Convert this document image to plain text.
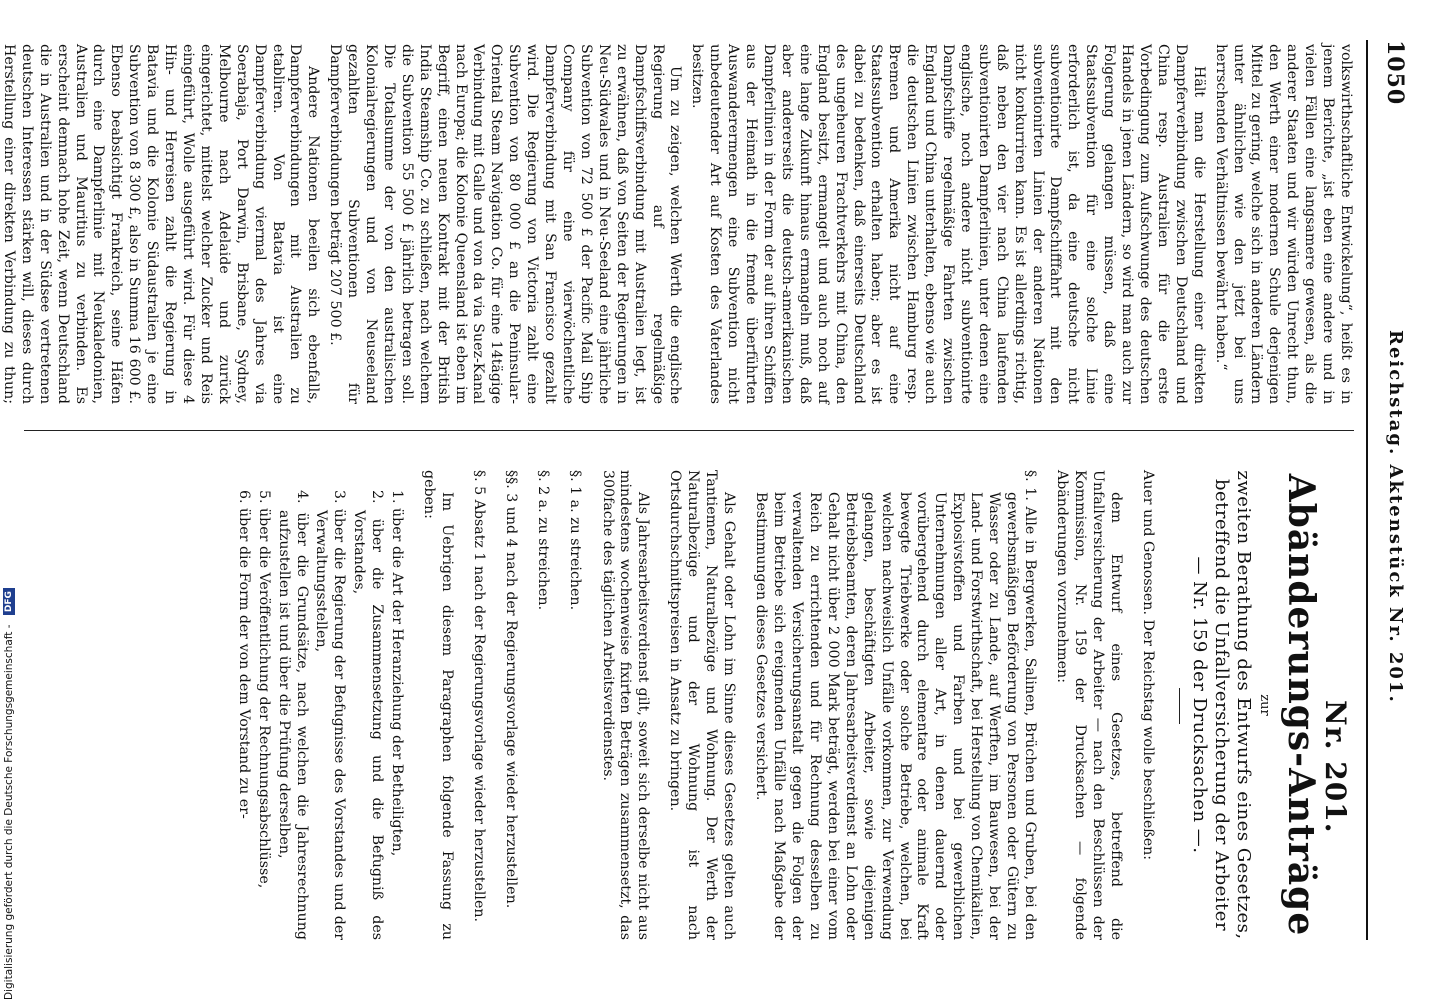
1050
Reichstag. Aktenstück Nr. 201.

volkswirthschaftliche Entwickelung“, heißt es in jenem Berichte, „ist eben eine andere und in vielen Fällen eine langsamere gewesen, als die anderer Staaten und wir würden Unrecht thun, den Werth einer modernen Schule derjenigen Mittel zu gering, welche sich in anderen Ländern unter ähnlichen wie den jetzt bei uns herrschenden Verhältnissen bewährt haben.“

Hält man die Herstellung einer direkten Dampferverbindung zwischen Deutschland und China resp. Australien für die erste Vorbedingung zum Aufschwunge des deutschen Handels in jenen Ländern, so wird man auch zur Folgerung gelangen müssen, daß eine Staatssubvention für eine solche Linie erforderlich ist, da eine deutsche nicht subventionirte Dampfschifffahrt mit den subventionirten Linien der anderen Nationen nicht konkurriren kann. Es ist allerdings richtig, daß neben den vier nach China laufenden subventionirten Dampferlinien, unter denen eine englische, noch andere nicht subventionirte Dampfschiffe regelmäßige Fahrten zwischen England und China unterhalten, ebenso wie auch die deutschen Linien zwischen Hamburg resp. Bremen und Amerika nicht auf eine Staatssubvention erhalten haben; aber es ist dabei zu bedenken, daß einerseits Deutschland des ungeheuren Frachtverkehrs mit China, den England besitzt, ermangelt und auch noch auf eine lange Zukunft hinaus ermangeln muß, daß aber andererseits die deutsch-amerikanischen Dampferlinien in der Form der auf ihren Schiffen aus der Heimath in die fremde überführten Auswanderermengen eine Subvention nicht unbedeutender Art auf Kosten des Vaterlandes besitzen.

Um zu zeigen, welchen Werth die englische Regierung auf regelmäßige Dampfschiffsverbindung mit Australien legt, ist zu erwähnen, daß von Seiten der Regierungen in Neu-Südwales und in Neu-Seeland eine jährliche Subvention von 72 500 £ der Pacific Mail Ship Company für eine vierwöchentliche Dampferverbindung mit San Francisco gezahlt wird. Die Regierung von Victoria zahlt eine Subvention von 80 000 £ an die Peninsular-Oriental Steam Navigation Co. für eine 14tägige Verbindung mit Galle und von da via Suez-Kanal nach Europa; die Kolonie Queensland ist eben im Begriff, einen neuen Kontrakt mit der British India Steamship Co. zu schließen, nach welchem die Subvention 55 500 £ jährlich betragen soll. Die Totalsumme der von den australischen Kolonialregierungen und von Neuseeland gezahlten Subventionen für Dampferverbindungen beträgt 207 500 £.

Andere Nationen beeilen sich ebenfalls, Dampferverbindungen mit Australien zu etabliren. Von Batavia ist eine Dampferverbindung viermal des Jahres via Soerabaja, Port Darwin, Brisbane, Sydney, Melbourne nach Adelaide und zurück eingerichtet, mittelst welcher Zucker und Reis eingeführt, Wolle ausgeführt wird. Für diese 4 Hin- und Herreisen zahlt die Regierung in Batavia und die Kolonie Südaustralien je eine Subvention von 8 300 £, also in Summa 16 600 £. Ebenso beabsichtigt Frankreich, seine Häfen durch eine Dampferlinie mit Neukaledonien, Australien und Mauritius zu verbinden. Es erscheint demnach hohe Zeit, wenn Deutschland die in Australien und in der Südsee vertretenen deutschen Interessen stärken will, dieses durch Herstellung einer direkten Verbindung zu thun;

Nr. 201.
Abänderungs-Anträge
zur
zweiten Berathung des Entwurfs eines Gesetzes, betreffend die Unfallversicherung der Arbeiter — Nr. 159 der Drucksachen —.

Auer und Genossen. Der Reichstag wolle beschließen:

dem Entwurf eines Gesetzes, betreffend die Unfallversicherung der Arbeiter — nach den Beschlüssen der Kommission, Nr. 159 der Drucksachen — folgende Abänderungen vorzunehmen:

§. 1. Alle in Bergwerken, Salinen, Brüchen und Gruben, bei den gewerbsmäßigen Beförderung von Personen oder Gütern zu Wasser oder zu Lande, auf Werften, im Bauwesen, bei der Land- und Forstwirthschaft, bei Herstellung von Chemikalien, Explosivstoffen und Farben und bei gewerblichen Unternehmungen aller Art, in denen dauernd oder vorübergehend durch elementare oder animale Kraft bewegte Triebwerke oder solche Betriebe, welchen, bei welchen nachweislich Unfälle vorkommen, zur Verwendung gelangen, beschäftigten Arbeiter, sowie diejenigen Betriebsbeamten, deren Jahresarbeitsverdienst an Lohn oder Gehalt nicht über 2 000 Mark beträgt, werden bei einer vom Reich zu errichtenden und für Rechnung desselben zu verwaltenden Versicherungsanstalt gegen die Folgen der beim Betriebe sich ereignenden Unfälle nach Maßgabe der Bestimmungen dieses Gesetzes versichert.

Als Gehalt oder Lohn im Sinne dieses Gesetzes gelten auch Tantiemen, Naturalbezüge und Wohnung. Der Werth der Naturalbezüge und der Wohnung ist nach Ortsdurchschnittspreisen in Ansatz zu bringen.

Als Jahresarbeitsverdienst gilt, soweit sich derselbe nicht aus mindestens wochenweise fixirten Beträgen zusammensetzt, das 300fache des täglichen Arbeitsverdienstes.

§. 1 a. zu streichen.

§. 2 a. zu streichen.

§§. 3 und 4 nach der Regierungsvorlage wieder herzustellen.

§. 5 Absatz 1 nach der Regierungsvorlage wieder herzustellen.

Im Uebrigen diesem Paragraphen folgende Fassung zu geben:

1. über die Art der Heranziehung der Betheiligten,

2. über die Zusammensetzung und die Befugniß des Vorstandes,

3. über die Regierung der Befugnisse des Vorstandes und der Verwaltungsstellen,

4. über die Grundsätze, nach welchen die Jahresrechnung aufzustellen ist und über die Prüfung derselben,

5. über die Veröffentlichung der Rechnungsabschlüsse,

6. über die Form der von dem Vorstand zu er-

Digitalisierung gefördert durch die Deutsche Forschungsgemeinschaft - DFG
